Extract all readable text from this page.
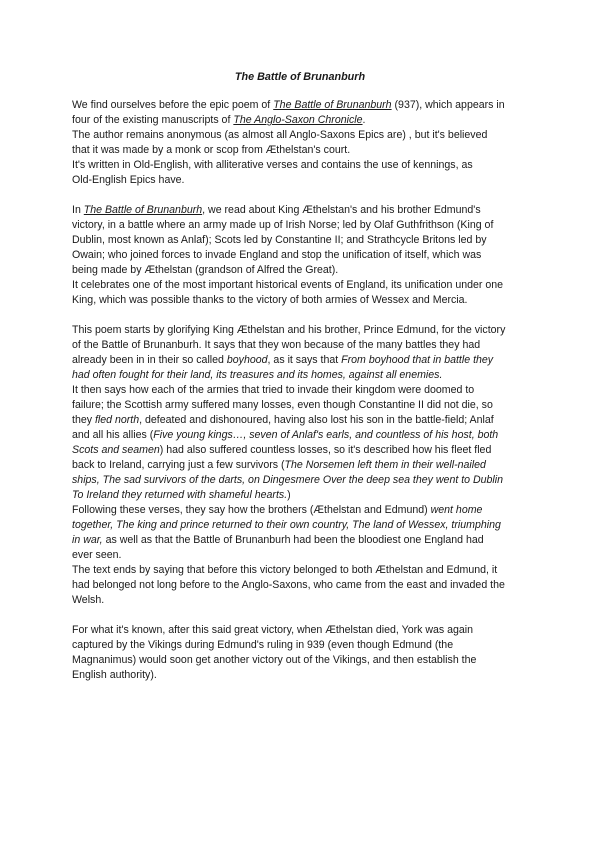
The Battle of Brunanburh

We find ourselves before the epic poem of The Battle of Brunanburh (937), which appears in
four of the existing manuscripts of The Anglo-Saxon Chronicle.
The author remains anonymous (as almost all Anglo-Saxons Epics are) , but it's believed
that it was made by a monk or scop from Æthelstan's court.
It's written in Old-English, with alliterative verses and contains the use of kennings, as
Old-English Epics have.

In The Battle of Brunanburh, we read about King Æthelstan's and his brother Edmund's
victory, in a battle where an army made up of Irish Norse; led by Olaf Guthfrithson (King of
Dublin, most known as Anlaf); Scots led by Constantine II; and Strathcycle Britons led by
Owain; who joined forces to invade England and stop the unification of itself, which was
being made by Æthelstan (grandson of Alfred the Great).
It celebrates one of the most important historical events of England, its unification under one
King, which was possible thanks to the victory of both armies of Wessex and Mercia.

This poem starts by glorifying King Æthelstan and his brother, Prince Edmund, for the victory
of the Battle of Brunanburh. It says that they won because of the many battles they had
already been in in their so called boyhood, as it says that From boyhood that in battle they
had often fought for their land, its treasures and its homes, against all enemies.
It then says how each of the armies that tried to invade their kingdom were doomed to
failure; the Scottish army suffered many losses, even though Constantine II did not die, so
they fled north, defeated and dishonoured, having also lost his son in the battle-field; Anlaf
and all his allies (Five young kings…, seven of Anlaf's earls, and countless of his host, both
Scots and seamen) had also suffered countless losses, so it's described how his fleet fled
back to Ireland, carrying just a few survivors (The Norsemen left them in their well-nailed
ships, The sad survivors of the darts, on Dingesmere Over the deep sea they went to Dublin
To Ireland they returned with shameful hearts.)
Following these verses, they say how the brothers (Æthelstan and Edmund) went home
together, The king and prince returned to their own country, The land of Wessex, triumphing
in war, as well as that the Battle of Brunanburh had been the bloodiest one England had
ever seen.
The text ends by saying that before this victory belonged to both Æthelstan and Edmund, it
had belonged not long before to the Anglo-Saxons, who came from the east and invaded the
Welsh.

For what it's known, after this said great victory, when Æthelstan died, York was again
captured by the Vikings during Edmund's ruling in 939 (even though Edmund (the
Magnanimus) would soon get another victory out of the Vikings, and then establish the
English authority).
